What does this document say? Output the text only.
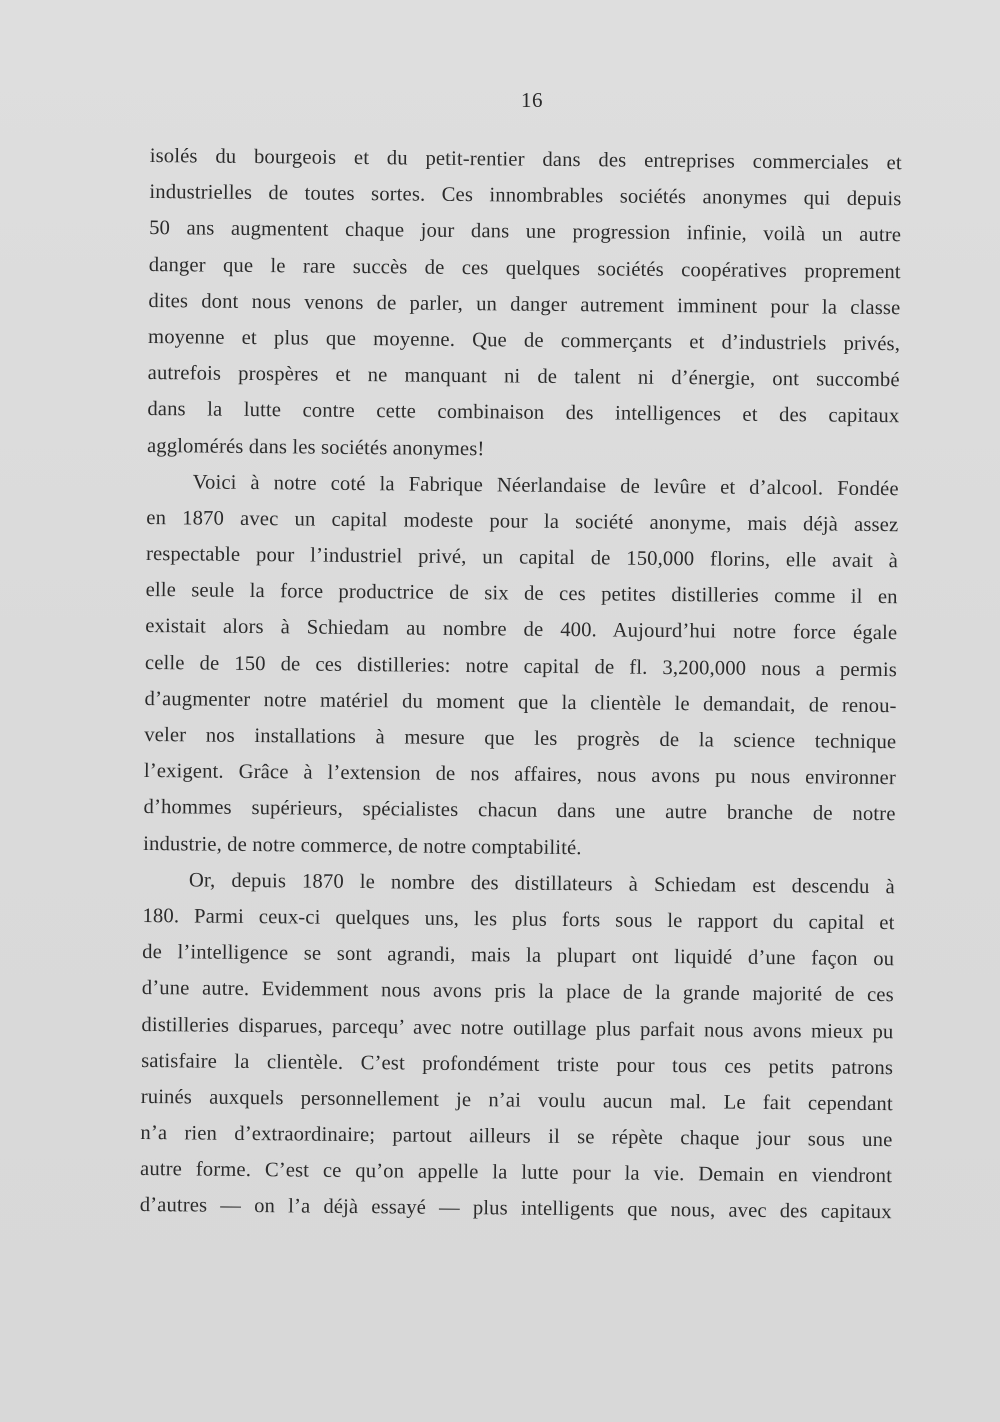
16
isolés du bourgeois et du petit-rentier dans des entreprises commerciales et
industrielles de toutes sortes. Ces innombrables sociétés anonymes qui depuis
50 ans augmentent chaque jour dans une progression infinie, voilà un autre
danger que le rare succès de ces quelques sociétés coopératives proprement
dites dont nous venons de parler, un danger autrement imminent pour la classe
moyenne et plus que moyenne. Que de commerçants et d’industriels privés,
autrefois prospères et ne manquant ni de talent ni d’énergie, ont succombé
dans la lutte contre cette combinaison des intelligences et des capitaux
agglomérés dans les sociétés anonymes!
Voici à notre coté la Fabrique Néerlandaise de levûre et d’alcool. Fondée
en 1870 avec un capital modeste pour la société anonyme, mais déjà assez
respectable pour l’industriel privé, un capital de 150,000 florins, elle avait à
elle seule la force productrice de six de ces petites distilleries comme il en
existait alors à Schiedam au nombre de 400. Aujourd’hui notre force égale
celle de 150 de ces distilleries: notre capital de fl. 3,200,000 nous a permis
d’augmenter notre matériel du moment que la clientèle le demandait, de renou-
veler nos installations à mesure que les progrès de la science technique
l’exigent. Grâce à l’extension de nos affaires, nous avons pu nous environner
d’hommes supérieurs, spécialistes chacun dans une autre branche de notre
industrie, de notre commerce, de notre comptabilité.
Or, depuis 1870 le nombre des distillateurs à Schiedam est descendu à
180. Parmi ceux-ci quelques uns, les plus forts sous le rapport du capital et
de l’intelligence se sont agrandi, mais la plupart ont liquidé d’une façon ou
d’une autre. Evidemment nous avons pris la place de la grande majorité de ces
distilleries disparues, parcequ’ avec notre outillage plus parfait nous avons mieux pu
satisfaire la clientèle. C’est profondément triste pour tous ces petits patrons
ruinés auxquels personnellement je n’ai voulu aucun mal. Le fait cependant
n’a rien d’extraordinaire; partout ailleurs il se répète chaque jour sous une
autre forme. C’est ce qu’on appelle la lutte pour la vie. Demain en viendront
d’autres — on l’a déjà essayé — plus intelligents que nous, avec des capitaux
